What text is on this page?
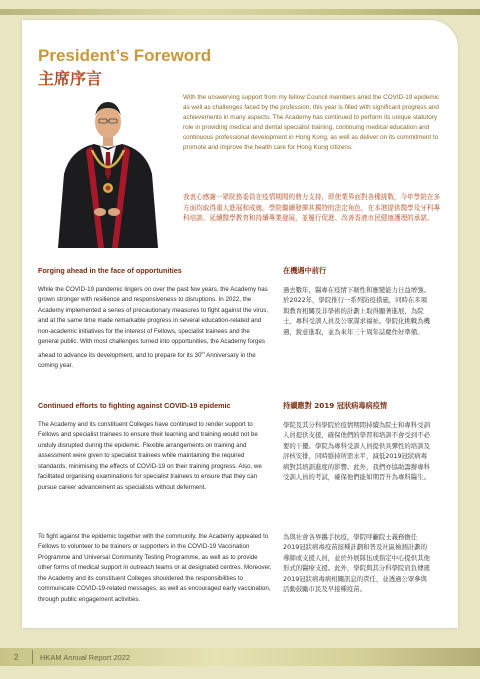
President’s Foreword
主席序言

With the unswerving support from my fellow Council members amid the COVID-19 epidemic as well as challenges faced by the profession, this year is filled with significant progress and achievements in many aspects. The Academy has continued to perform its unique statutory role in providing medical and dental specialist training, continuing medical education and continuous professional development in Hong Kong, as well as deliver on its commitment to promote and improve the health care for Hong Kong citizens.

我衷心感謝一眾院務委員在疫情期間的鼎力支持，即使業界面對各種挑戰，今年學院在多方面均取得重大進展和成就。學院繼續發揮其獨特的法定角色，在本港提供醫學及牙科專科培訓、延續醫學教育和持續專業發展，並履行促進、改善香港市民健康護理的承諾。

Forging ahead in the face of opportunities	在機遇中前行

While the COVID-19 pandemic lingers on over the past few years, the Academy has grown stronger with resilience and responsiveness to disruptions. In 2022, the Academy implemented a series of precautionary measures to fight against the virus, and at the same time made remarkable progress in several education-related and non-academic initiatives for the interest of Fellows, specialist trainees and the general public. With most challenges turned into opportunities, the Academy forges ahead to advance its development, and to prepare for its 30th Anniversary in the coming year.

過去數年，醫專在疫情下韌性和應變能力日益增強。於2022年，學院推行一系列防疫措施，同時在多項與教育相關及非學術的計劃上取得顯著進展，為院士、專科受訓人員及公眾謀求福祉。學院化挑戰為機遇，銳意進取，並為來年三十周年誌慶作好準備。

Continued efforts to fighting against COVID-19 epidemic	持續應對 2019 冠狀病毒病疫情

The Academy and its constituent Colleges have continued to render support to Fellows and specialist trainees to ensure their learning and training would not be unduly disrupted during the epidemic. Flexible arrangements on training and assessment were given to specialist trainees while maintaining the required standards, minimising the effects of COVID-19 on their training progress. Also, we facilitated organising examinations for specialist trainees to ensure that they can pursue career advancement as specialists without deferment.

學院及其分科學院於疫情期間持續為院士和專科受訓人員提供支援，確保他們的學習和培訓不會受到不必要的干擾。學院為專科受訓人員提供具彈性的培訓及評核安排，同時維持所需水平，減低2019冠狀病毒病對其培訓進度的影響。此外，我們亦協助籌辦專科受訓人員的考試，確保他們能如期晉升為專科醫生。

To fight against the epidemic together with the community, the Academy appealed to Fellows to volunteer to be trainers or supporters in the COVID-19 Vaccination Programme and Universal Community Testing Programme, as well as to provide other forms of medical support in outreach teams or at designated centres. Moreover, the Academy and its constituent Colleges shouldered the responsibilities to communicate COVID-19-related messages, as well as encouraged early vaccination, through public engagement activities.

為與社會各界攜手抗疫，學院呼籲院士義務擔任2019冠狀病毒疫苗接種計劃和普及社區檢測計劃的導師或支援人員，並於外展隊伍或指定中心提供其他形式的醫療支援。此外，學院與其分科學院肩負傳遞2019冠狀病毒病相關訊息的責任，並透過公眾參與活動鼓勵市民及早接種疫苗。

2	HKAM Annual Report 2022
